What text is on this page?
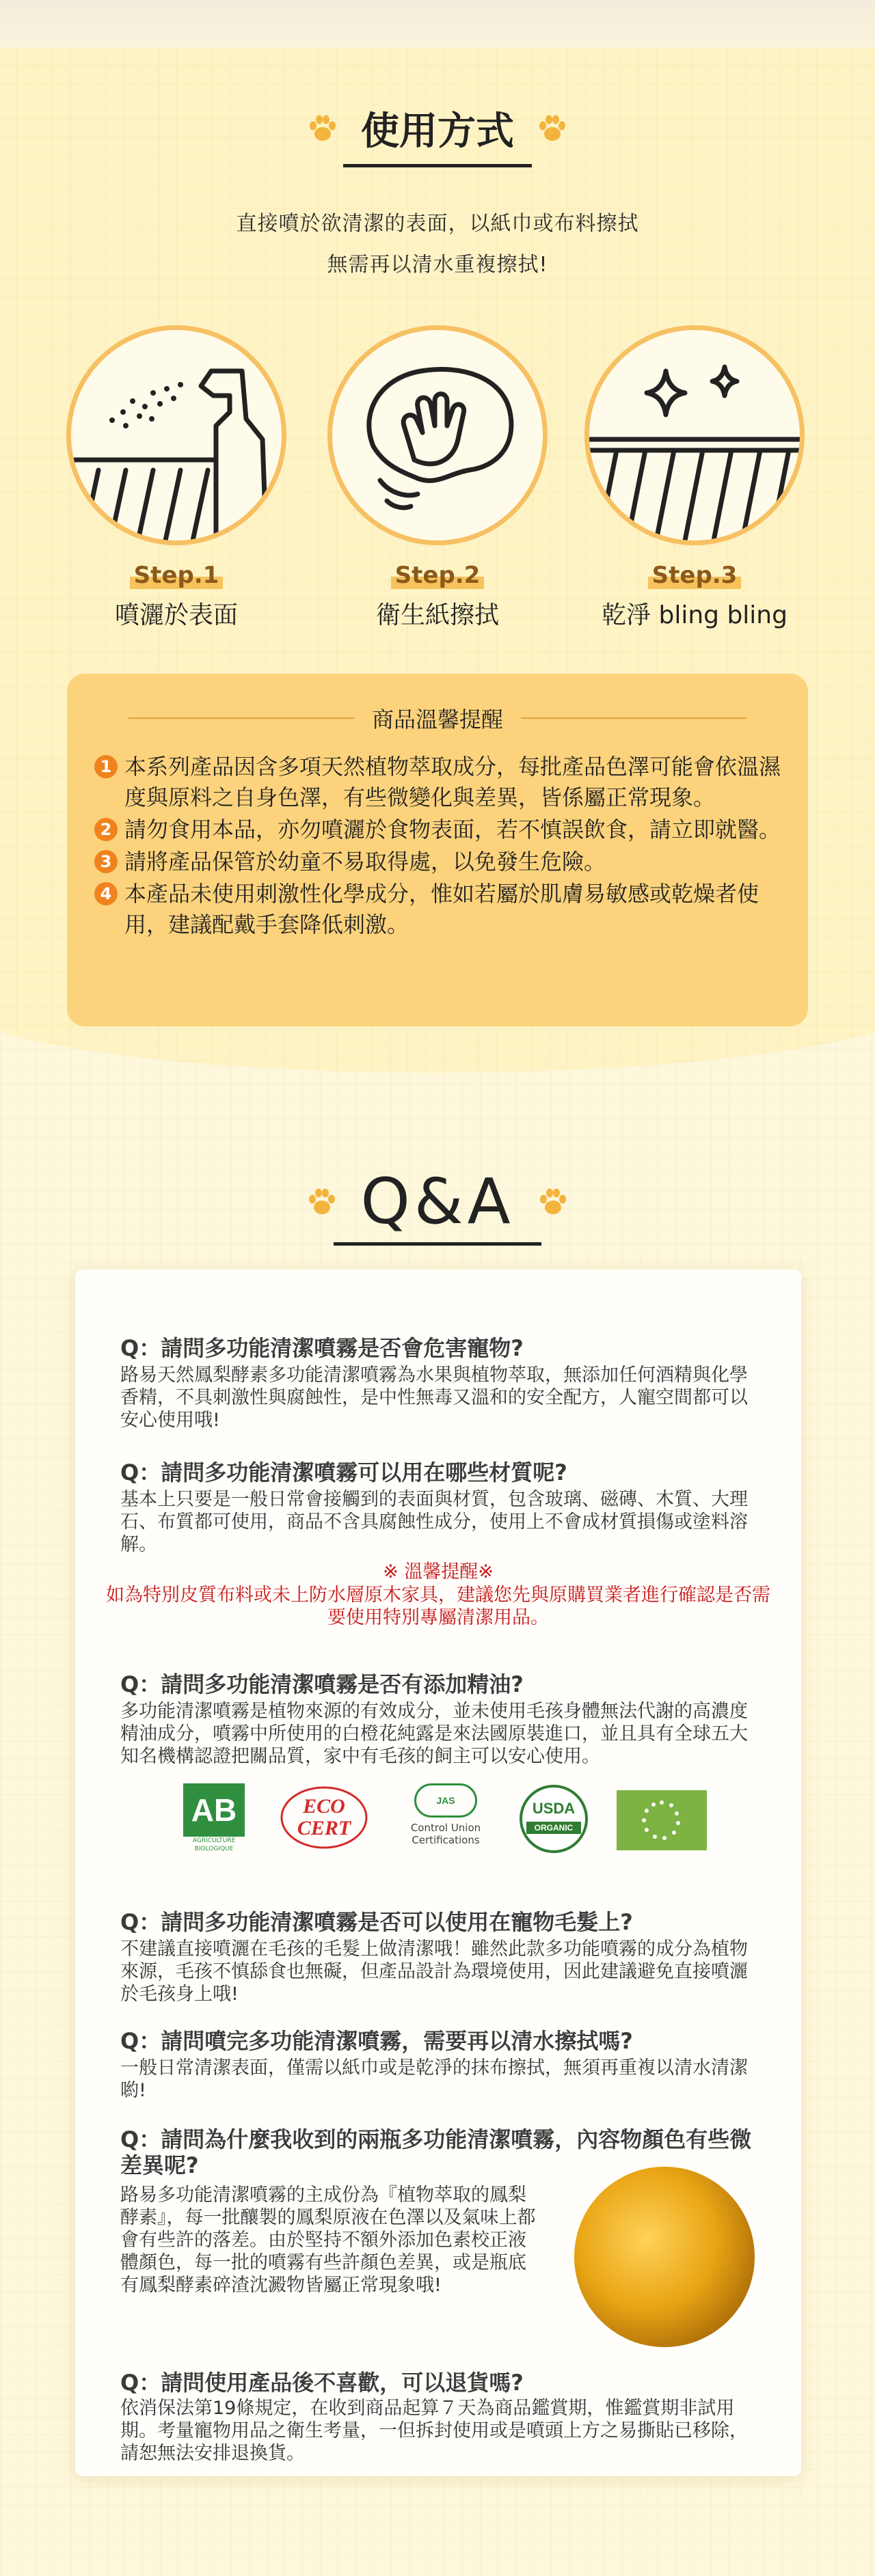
使用方式
直接噴於欲清潔的表面，以紙巾或布料擦拭
無需再以清水重複擦拭!
Step.1
噴灑於表面
Step.2
衛生紙擦拭
Step.3
乾淨 bling bling
商品溫馨提醒
1 本系列產品因含多項天然植物萃取成分，每批產品色澤可能會依溫濕度與原料之自身色澤，有些微變化與差異，皆係屬正常現象。
2 請勿食用本品，亦勿噴灑於食物表面，若不慎誤飲食，請立即就醫。
3 請將產品保管於幼童不易取得處，以免發生危險。
4 本產品未使用刺激性化學成分，惟如若屬於肌膚易敏感或乾燥者使用，建議配戴手套降低刺激。
Q&A
Q：請問多功能清潔噴霧是否會危害寵物?
路易天然鳳梨酵素多功能清潔噴霧為水果與植物萃取，無添加任何酒精與化學香精，不具刺激性與腐蝕性，是中性無毒又溫和的安全配方，人寵空間都可以安心使用哦!
Q：請問多功能清潔噴霧可以用在哪些材質呢?
基本上只要是一般日常會接觸到的表面與材質，包含玻璃、磁磚、木質、大理石、布質都可使用，商品不含具腐蝕性成分，使用上不會成材質損傷或塗料溶解。
※ 溫馨提醒※
如為特別皮質布料或未上防水層原木家具，建議您先與原購買業者進行確認是否需要使用特別專屬清潔用品。
Q：請問多功能清潔噴霧是否有添加精油?
多功能清潔噴霧是植物來源的有效成分，並未使用毛孩身體無法代謝的高濃度精油成分，噴霧中所使用的白橙花純露是來法國原裝進口，並且具有全球五大知名機構認證把關品質，家中有毛孩的飼主可以安心使用。
AB
AGRICULTURE
BIOLOGIQUE
ECO
CERT
JAS
Control Union
Certifications
USDA
ORGANIC
Q：請問多功能清潔噴霧是否可以使用在寵物毛髮上?
不建議直接噴灑在毛孩的毛髮上做清潔哦！雖然此款多功能噴霧的成分為植物來源，毛孩不慎舔食也無礙，但產品設計為環境使用，因此建議避免直接噴灑於毛孩身上哦!
Q：請問噴完多功能清潔噴霧，需要再以清水擦拭嗎?
一般日常清潔表面，僅需以紙巾或是乾淨的抹布擦拭，無須再重複以清水清潔喲!
Q：請問為什麼我收到的兩瓶多功能清潔噴霧，內容物顏色有些微差異呢?
路易多功能清潔噴霧的主成份為『植物萃取的鳳梨酵素』，每一批釀製的鳳梨原液在色澤以及氣味上都會有些許的落差。由於堅持不額外添加色素校正液體顏色，每一批的噴霧有些許顏色差異，或是瓶底有鳳梨酵素碎渣沈澱物皆屬正常現象哦!
Q：請問使用產品後不喜歡，可以退貨嗎?
依消保法第19條規定，在收到商品起算７天為商品鑑賞期，惟鑑賞期非試用期。考量寵物用品之衛生考量，一但拆封使用或是噴頭上方之易撕貼已移除，請恕無法安排退換貨。
